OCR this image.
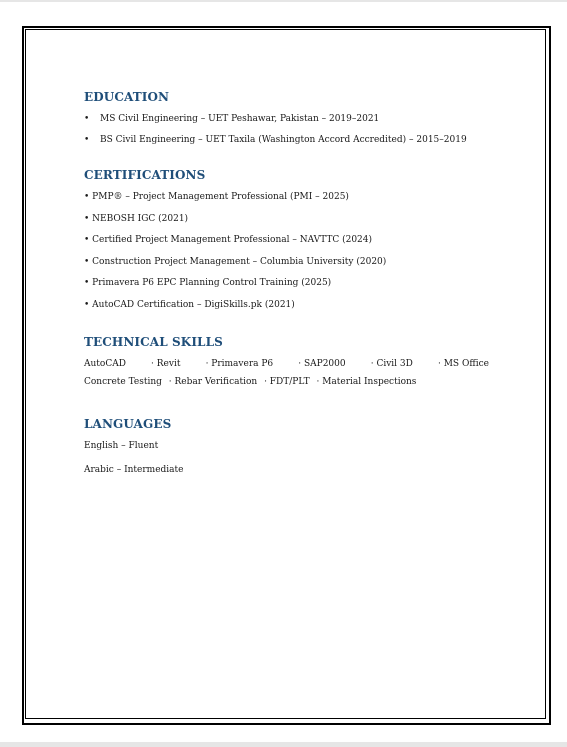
EDUCATION
• MS Civil Engineering – UET Peshawar, Pakistan – 2019–2021
• BS Civil Engineering – UET Taxila (Washington Accord Accredited) – 2015–2019
CERTIFICATIONS
• PMP® – Project Management Professional (PMI – 2025)
• NEBOSH IGC (2021)
• Certified Project Management Professional – NAVTTC (2024)
• Construction Project Management – Columbia University (2020)
• Primavera P6 EPC Planning Control Training (2025)
• AutoCAD Certification – DigiSkills.pk (2021)
TECHNICAL SKILLS
AutoCAD	· Revit	· Primavera P6	· SAP2000	· Civil 3D	· MS Office
Concrete Testing · Rebar Verification · FDT/PLT · Material Inspections
LANGUAGES

English – Fluent

Arabic – Intermediate
